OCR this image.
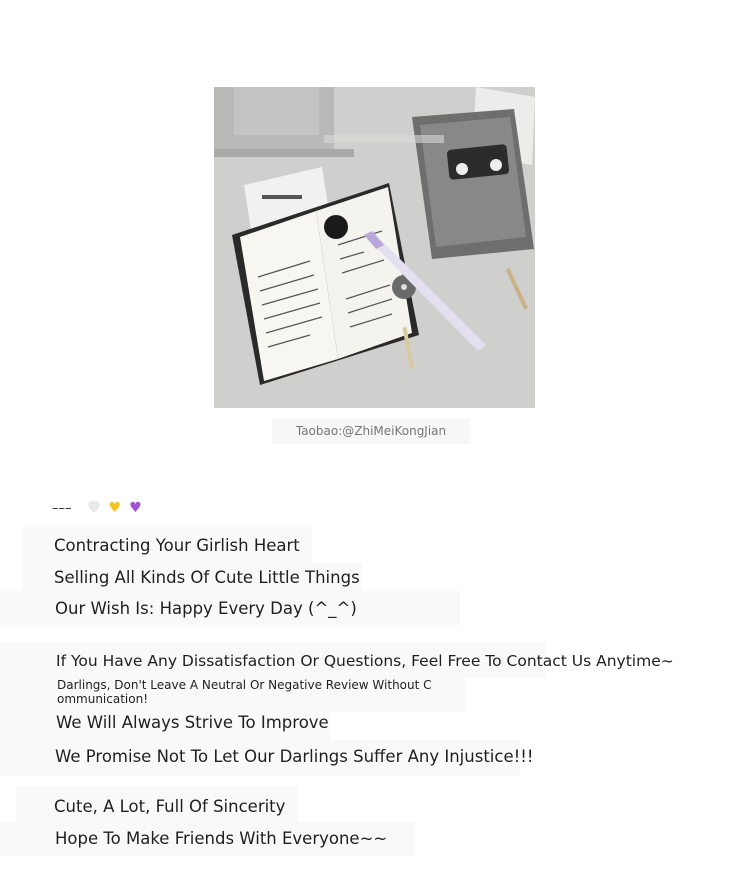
Taobao:@ZhiMeiKongJian
––– ♥ ♥ ♥
Contracting Your Girlish Heart
Selling All Kinds Of Cute Little Things
Our Wish Is: Happy Every Day (^_^)
If You Have Any Dissatisfaction Or Questions, Feel Free To Contact Us Anytime~
Darlings, Don't Leave A Neutral Or Negative Review Without C
ommunication!
We Will Always Strive To Improve
We Promise Not To Let Our Darlings Suffer Any Injustice!!!
Cute, A Lot, Full Of Sincerity
Hope To Make Friends With Everyone~~
